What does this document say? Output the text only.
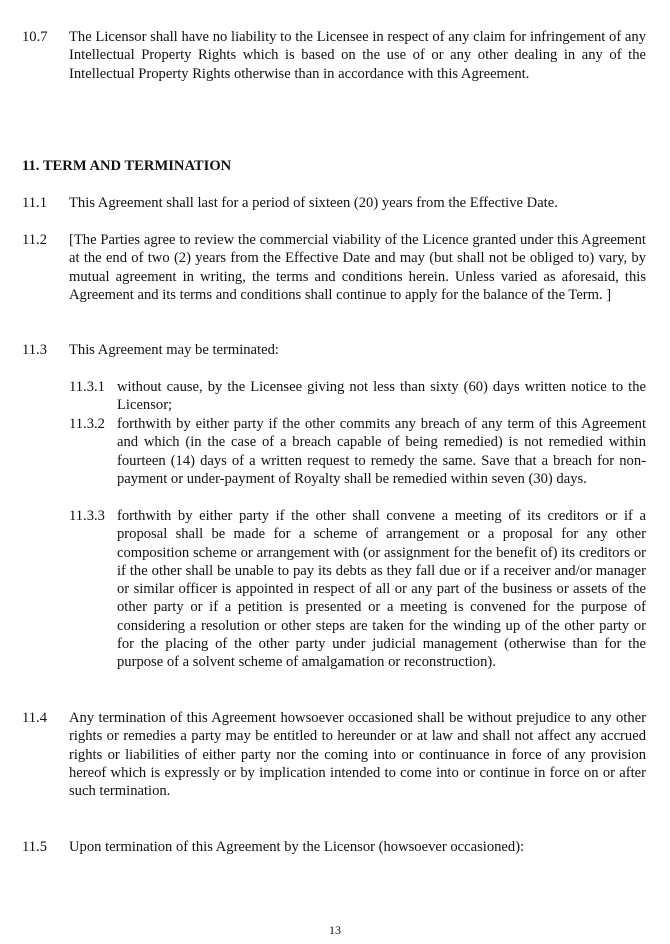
10.7 The Licensor shall have no liability to the Licensee in respect of any claim for infringement of any Intellectual Property Rights which is based on the use of or any other dealing in any of the Intellectual Property Rights otherwise than in accordance with this Agreement.
11. TERM AND TERMINATION
11.1 This Agreement shall last for a period of sixteen (20) years from the Effective Date.
11.2 [The Parties agree to review the commercial viability of the Licence granted under this Agreement at the end of two (2) years from the Effective Date and may (but shall not be obliged to) vary, by mutual agreement in writing, the terms and conditions herein. Unless varied as aforesaid, this Agreement and its terms and conditions shall continue to apply for the balance of the Term. ]
11.3 This Agreement may be terminated:
11.3.1 without cause, by the Licensee giving not less than sixty (60) days written notice to the Licensor;
11.3.2 forthwith by either party if the other commits any breach of any term of this Agreement and which (in the case of a breach capable of being remedied) is not remedied within fourteen (14) days of a written request to remedy the same. Save that a breach for non-payment or under-payment of Royalty shall be remedied within seven (30) days.
11.3.3 forthwith by either party if the other shall convene a meeting of its creditors or if a proposal shall be made for a scheme of arrangement or a proposal for any other composition scheme or arrangement with (or assignment for the benefit of) its creditors or if the other shall be unable to pay its debts as they fall due or if a receiver and/or manager or similar officer is appointed in respect of all or any part of the business or assets of the other party or if a petition is presented or a meeting is convened for the purpose of considering a resolution or other steps are taken for the winding up of the other party or for the placing of the other party under judicial management (otherwise than for the purpose of a solvent scheme of amalgamation or reconstruction).
11.4 Any termination of this Agreement howsoever occasioned shall be without prejudice to any other rights or remedies a party may be entitled to hereunder or at law and shall not affect any accrued rights or liabilities of either party nor the coming into or continuance in force of any provision hereof which is expressly or by implication intended to come into or continue in force on or after such termination.
11.5 Upon termination of this Agreement by the Licensor (howsoever occasioned):
13
